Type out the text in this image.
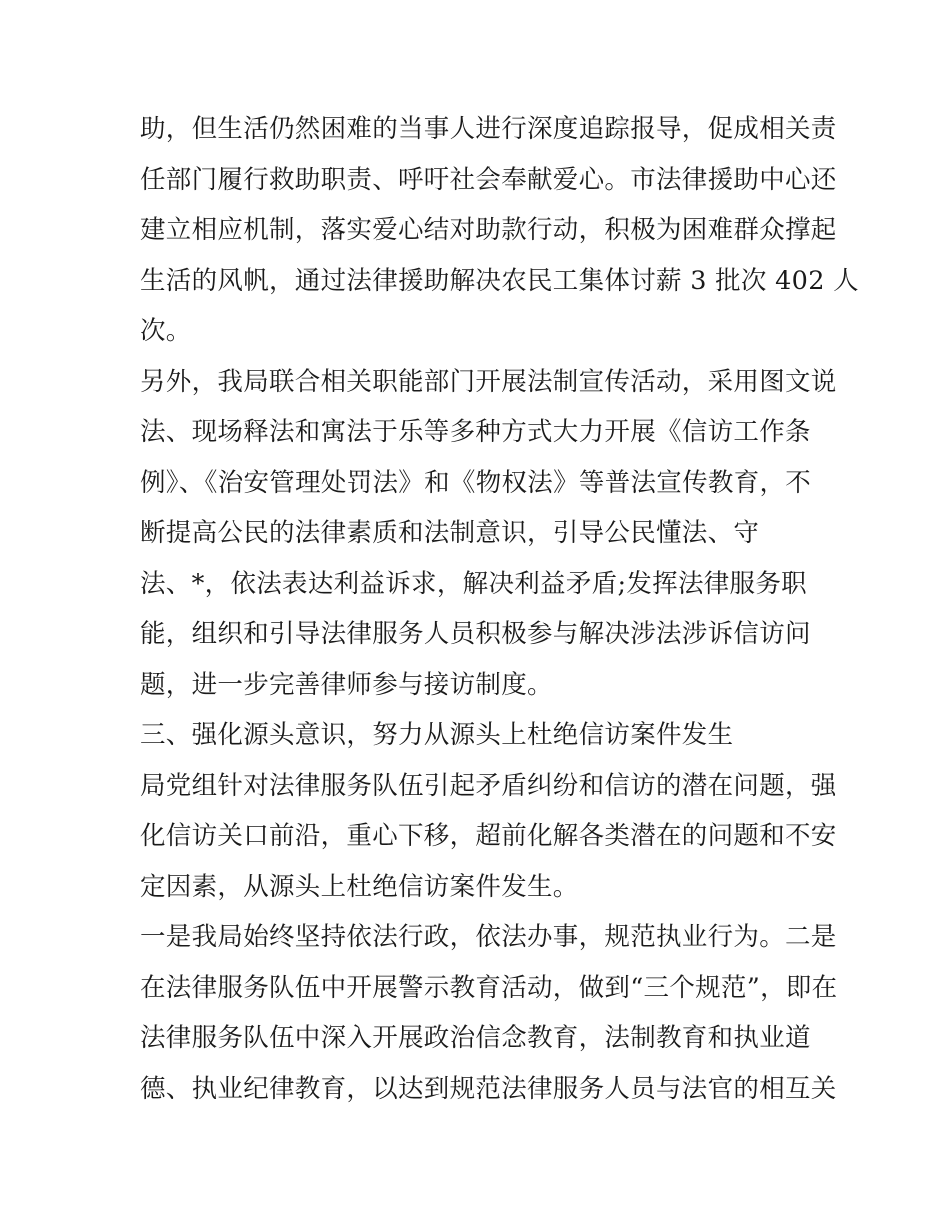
助，但生活仍然困难的当事人进行深度追踪报导，促成相关责
任部门履行救助职责、呼吁社会奉献爱心。市法律援助中心还
建立相应机制，落实爱心结对助款行动，积极为困难群众撑起
生活的风帆，通过法律援助解决农民工集体讨薪 3 批次 402 人
次。
另外，我局联合相关职能部门开展法制宣传活动，采用图文说
法、现场释法和寓法于乐等多种方式大力开展《信访工作条
例》、《治安管理处罚法》和《物权法》等普法宣传教育，不
断提高公民的法律素质和法制意识，引导公民懂法、守
法、*，依法表达利益诉求，解决利益矛盾;发挥法律服务职
能，组织和引导法律服务人员积极参与解决涉法涉诉信访问
题，进一步完善律师参与接访制度。
三、强化源头意识，努力从源头上杜绝信访案件发生
局党组针对法律服务队伍引起矛盾纠纷和信访的潜在问题，强
化信访关口前沿，重心下移，超前化解各类潜在的问题和不安
定因素，从源头上杜绝信访案件发生。
一是我局始终坚持依法行政，依法办事，规范执业行为。二是
在法律服务队伍中开展警示教育活动，做到“三个规范”，即在
法律服务队伍中深入开展政治信念教育，法制教育和执业道
德、执业纪律教育，以达到规范法律服务人员与法官的相互关
